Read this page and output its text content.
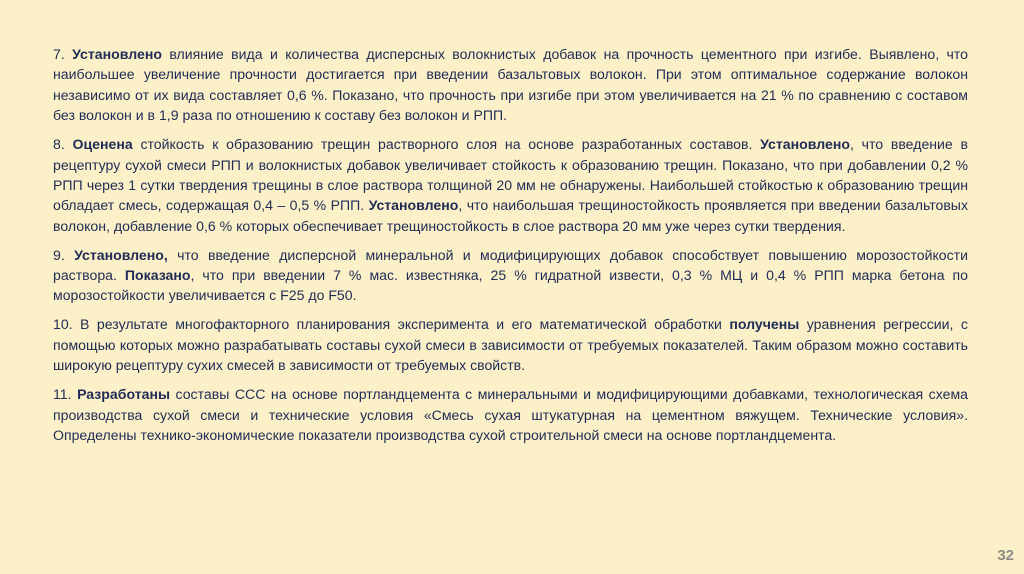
7. Установлено влияние вида и количества дисперсных волокнистых добавок на прочность цементного при изгибе. Выявлено, что наибольшее увеличение прочности достигается при введении базальтовых волокон. При этом оптимальное содержание волокон независимо от их вида составляет 0,6 %. Показано, что прочность при изгибе при этом увеличивается на 21 % по сравнению с составом без волокон и в 1,9 раза по отношению к составу без волокон и РПП.

8. Оценена стойкость к образованию трещин растворного слоя на основе разработанных составов. Установлено, что введение в рецептуру сухой смеси РПП и волокнистых добавок увеличивает стойкость к образованию трещин. Показано, что при добавлении 0,2 % РПП через 1 сутки твердения трещины в слое раствора толщиной 20 мм не обнаружены. Наибольшей стойкостью к образованию трещин обладает смесь, содержащая 0,4 – 0,5 % РПП. Установлено, что наибольшая трещиностойкость проявляется при введении базальтовых волокон, добавление 0,6 % которых обеспечивает трещиностойкость в слое раствора 20 мм уже через сутки твердения.

9. Установлено, что введение дисперсной минеральной и модифицирующих добавок способствует повышению морозостойкости раствора. Показано, что при введении 7 % мас. известняка, 25 % гидратной извести, 0,3 % МЦ и 0,4 % РПП марка бетона по морозостойкости увеличивается с F25 до F50.

10. В результате многофакторного планирования эксперимента и его математической обработки получены уравнения регрессии, с помощью которых можно разрабатывать составы сухой смеси в зависимости от требуемых показателей. Таким образом можно составить широкую рецептуру сухих смесей в зависимости от требуемых свойств.

11. Разработаны составы ССС на основе портландцемента с минеральными и модифицирующими добавками, технологическая схема производства сухой смеси и технические условия «Смесь сухая штукатурная на цементном вяжущем. Технические условия». Определены технико-экономические показатели производства сухой строительной смеси на основе портландцемента.

32
